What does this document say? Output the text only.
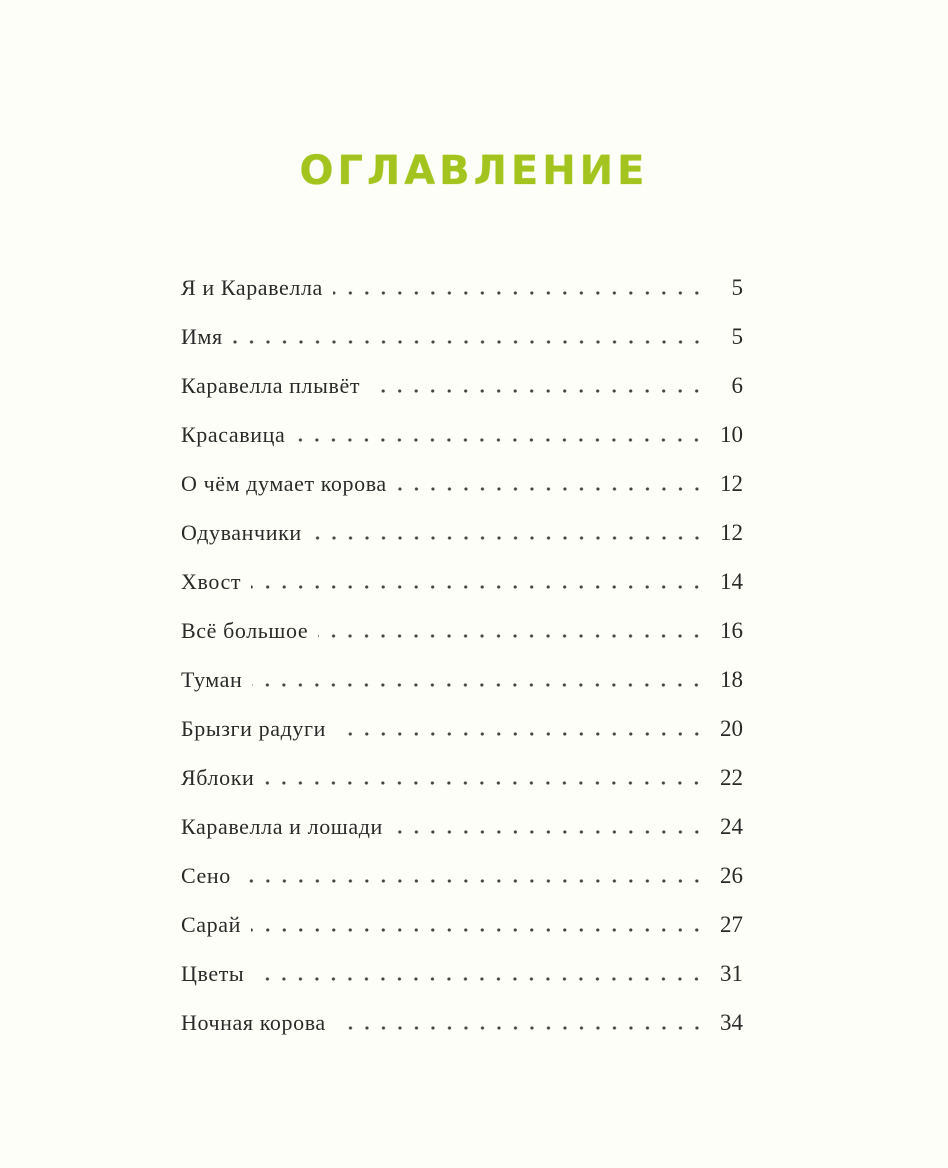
ОГЛАВЛЕНИЕ
Я и Каравелла	5
Имя	5
Каравелла плывёт	6
Красавица	10
О чём думает корова	12
Одуванчики	12
Хвост	14
Всё большое	16
Туман	18
Брызги радуги	20
Яблоки	22
Каравелла и лошади	24
Сено	26
Сарай	27
Цветы	31
Ночная корова	34
